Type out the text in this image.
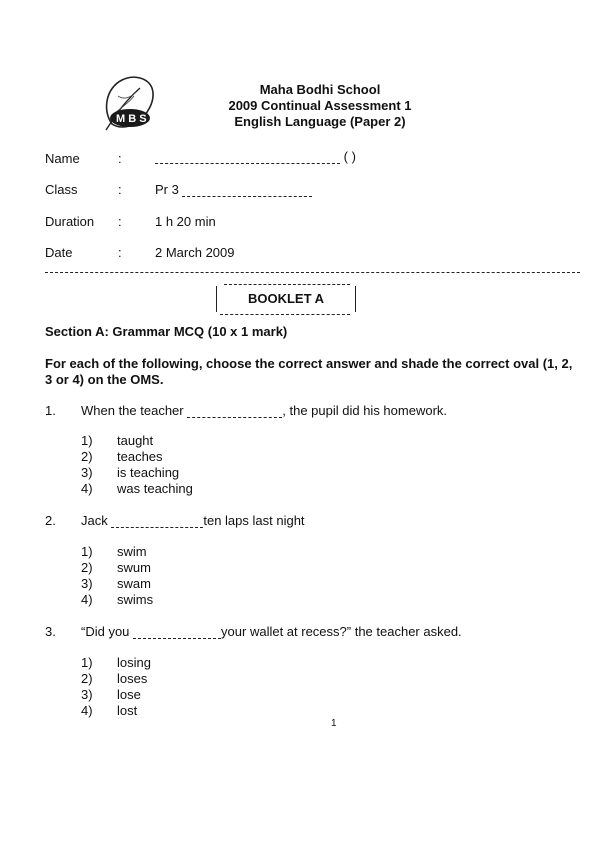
M B S
Maha Bodhi School
2009 Continual Assessment 1
English Language (Paper 2)
Name	:	( )
Class	:	Pr 3
Duration :	1 h 20 min
Date	:	2 March 2009
BOOKLET A
Section A: Grammar MCQ (10 x 1 mark)
For each of the following, choose the correct answer and shade the correct oval (1, 2, 3 or 4) on the OMS.
1. When the teacher	, the pupil did his homework.
1)	taught
2)	teaches
3)	is teaching
4)	was teaching
2. Jack	ten laps last night
1)	swim
2)	swum
3)	swam
4)	swims
3. “Did you	your wallet at recess?” the teacher asked.
1)	losing
2)	loses
3)	lose
4)	lost
1
